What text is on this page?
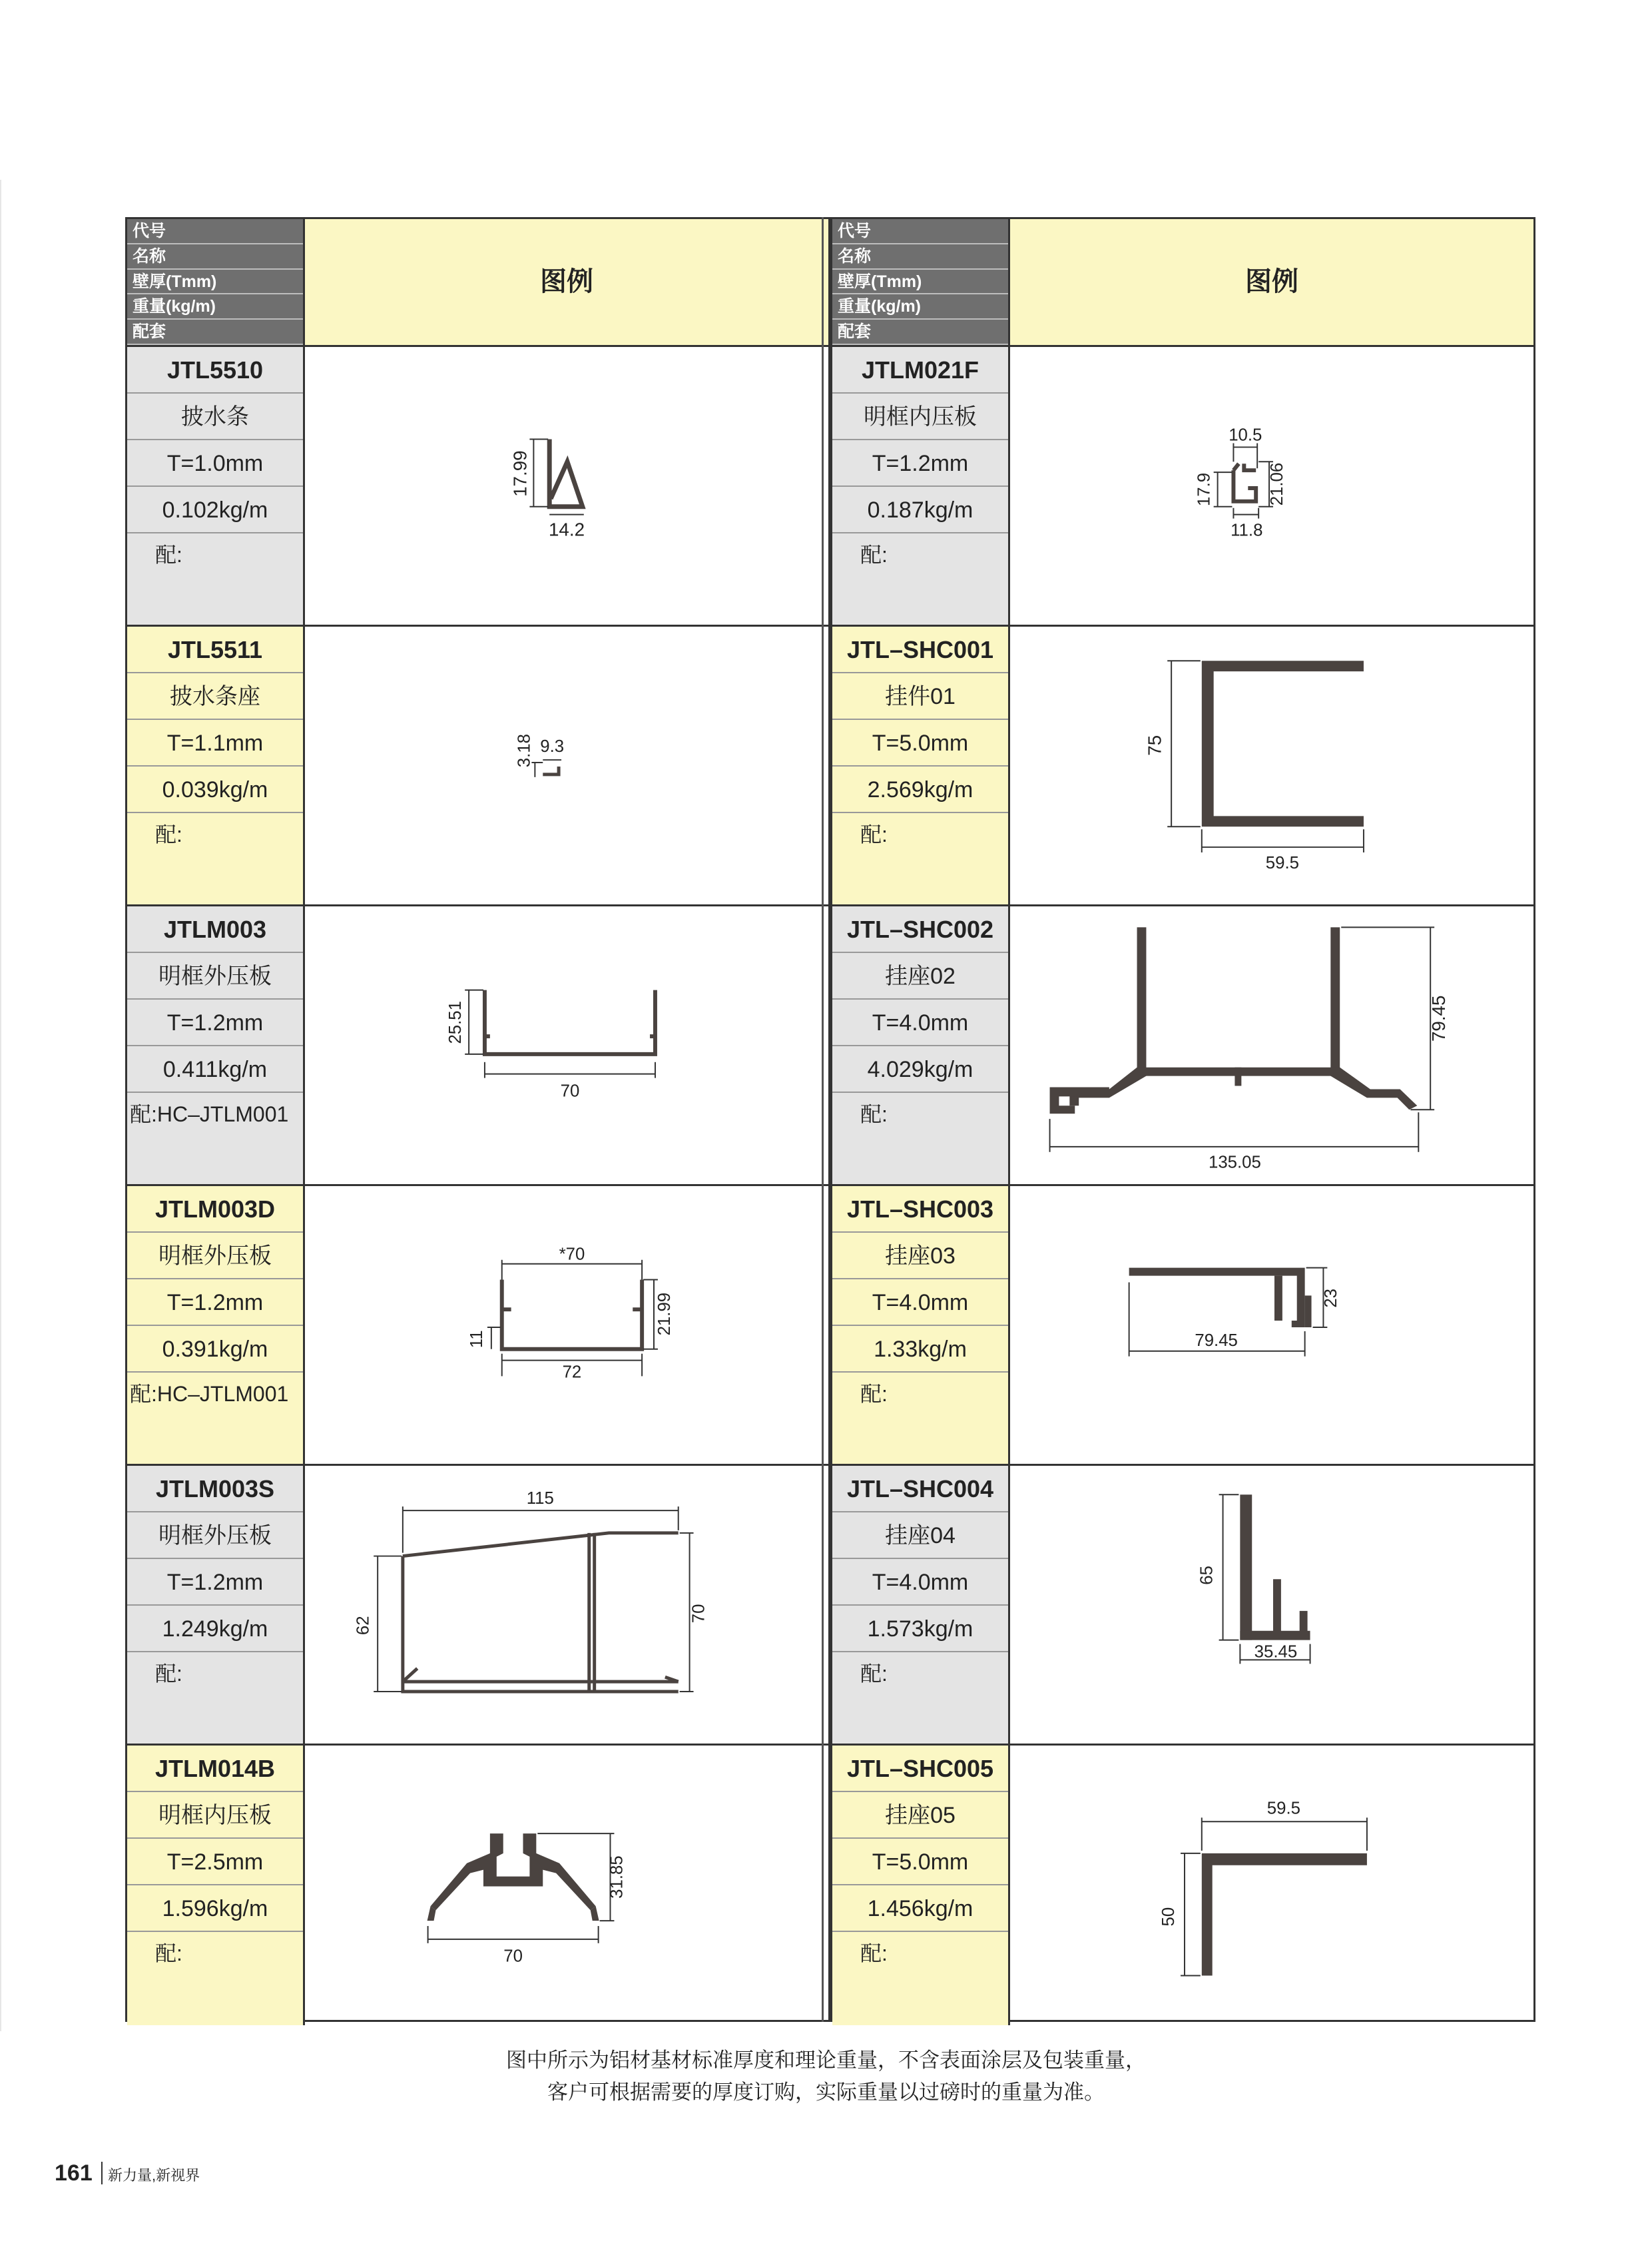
代号
名称
壁厚(Tmm)
重量(kg/m)
配套
图例
JTL5510
披水条
T=1.0mm
0.102kg/m
配:
17.99
14.2
JTL5511
披水条座
T=1.1mm
0.039kg/m
配:
3.18 9.3
JTLM003
明框外压板
T=1.2mm
0.411kg/m
配:HC–JTLM001
25.51
70
JTLM003D
明框外压板
T=1.2mm
0.391kg/m
配:HC–JTLM001
*70
11
21.99
72
JTLM003S
明框外压板
T=1.2mm
1.249kg/m
配:
115
62
70
JTLM014B
明框内压板
T=2.5mm
1.596kg/m
配:
31.85
70
代号
名称
壁厚(Tmm)
重量(kg/m)
配套
图例
JTLM021F
明框内压板
T=1.2mm
0.187kg/m
配:
10.5
17.9	21.06
11.8
JTL–SHC001
挂件01
T=5.0mm
2.569kg/m
配:
75
59.5
JTL–SHC002
挂座02
T=4.0mm
4.029kg/m
配:
79.45
135.05
JTL–SHC003
挂座03
T=4.0mm
1.33kg/m
配:
23
79.45
JTL–SHC004
挂座04
T=4.0mm
1.573kg/m
配:
65
35.45
JTL–SHC005
挂座05
T=5.0mm
1.456kg/m
配:
59.5
50
图中所示为铝材基材标准厚度和理论重量，不含表面涂层及包装重量，
客户可根据需要的厚度订购，实际重量以过磅时的重量为准。
161 新力量,新视界
